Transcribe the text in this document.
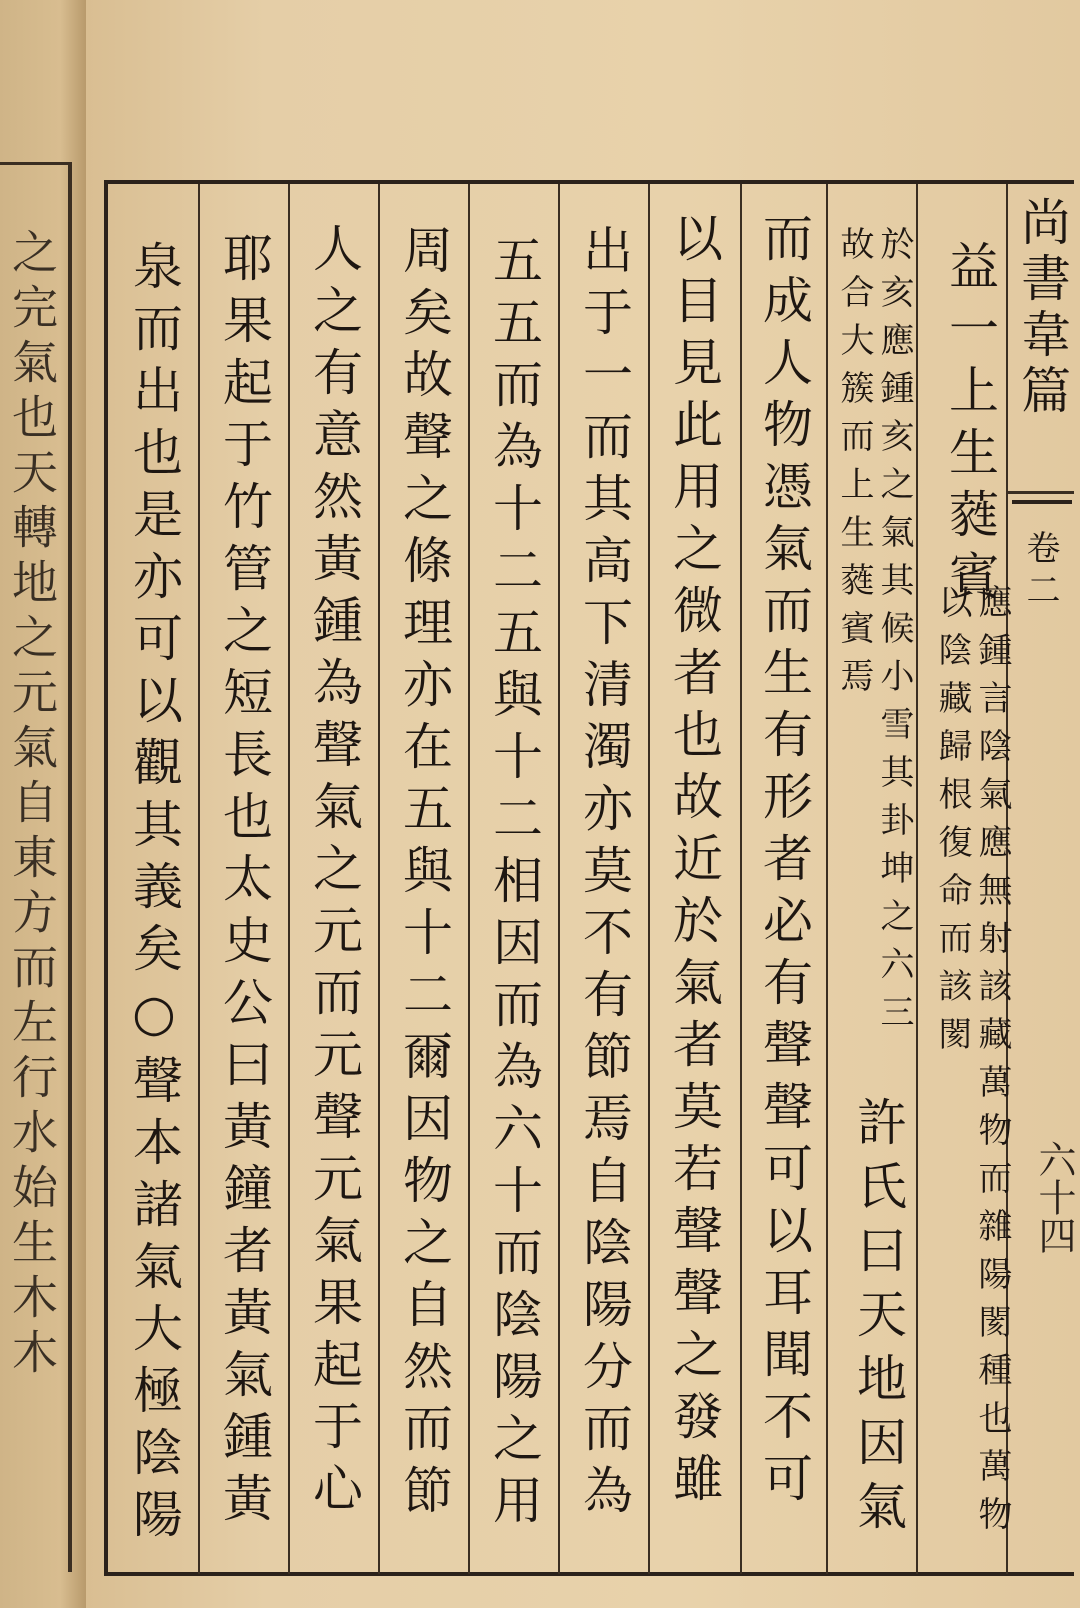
之完氣也天轉地之元氣自東方而左行水始生木木	尚書韋篇
卷二
六十四
益一上生蕤賓
應鍾言陰氣應無射該藏萬物而雜陽閡種也萬物以陰藏歸根復命而該閡
於亥應鍾亥之氣其候小雪其卦坤之六三故合大簇而上生蕤賓焉
許氏曰天地因氣
而成人物憑氣而生有形者必有聲聲可以耳聞不可
以目見此用之微者也故近於氣者莫若聲聲之發雖
出于一而其高下清濁亦莫不有節焉自陰陽分而為
五五而為十二五與十二相因而為六十而陰陽之用
周矣故聲之條理亦在五與十二爾因物之自然而節
人之有意然黃鍾為聲氣之元而元聲元氣果起于心
耶果起于竹管之短長也太史公曰黃鐘者黃氣鍾黃
泉而出也是亦可以觀其義矣○聲本諸氣大極陰陽
